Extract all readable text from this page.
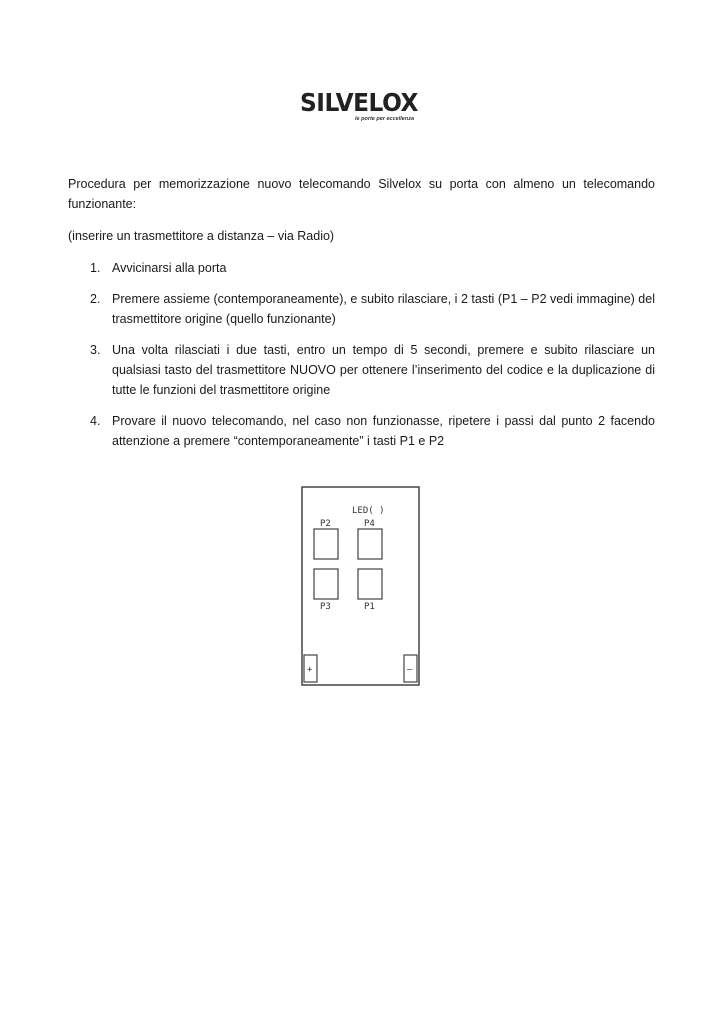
SILVELOX
le porte per eccellenza

Procedura per memorizzazione nuovo telecomando Silvelox su porta con almeno un telecomando funzionante:

(inserire un trasmettitore a distanza – via Radio)

1. Avvicinarsi alla porta
2. Premere assieme (contemporaneamente), e subito rilasciare, i 2 tasti (P1 – P2 vedi immagine) del trasmettitore origine (quello funzionante)
3. Una volta rilasciati i due tasti, entro un tempo di 5 secondi, premere e subito rilasciare un qualsiasi tasto del trasmettitore NUOVO per ottenere l’inserimento del codice e la duplicazione di tutte le funzioni del trasmettitore origine
4. Provare il nuovo telecomando, nel caso non funzionasse, ripetere i passi dal punto 2 facendo attenzione a premere “contemporaneamente” i tasti P1 e P2
LED( )
P2	P4
P3	P1
+	–
